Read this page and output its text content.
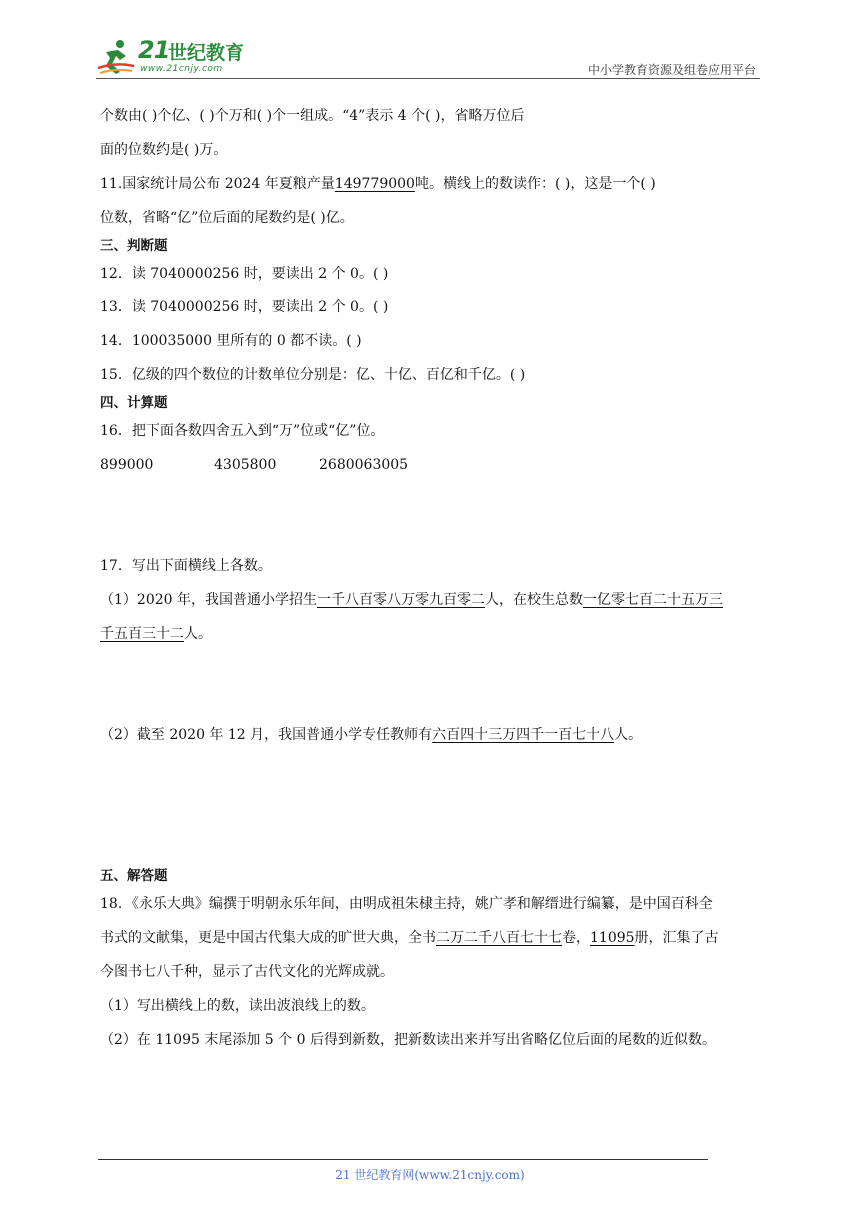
21
世纪教育
www.21cnjy.com	中小学教育资源及组卷应用平台
个数由( )个亿、( )个万和( )个一组成。“4”表示 4 个( )，省略万位后
面的位数约是( )万。
11.国家统计局公布 2024 年夏粮产量149779000吨。横线上的数读作：( )，这是一个( )
位数，省略“亿”位后面的尾数约是( )亿。
三、判断题
12．读 7040000256 时，要读出 2 个 0。( )
13．读 7040000256 时，要读出 2 个 0。( )
14．100035000 里所有的 0 都不读。( )
15．亿级的四个数位的计数单位分别是：亿、十亿、百亿和千亿。( )
四、计算题
16．把下面各数四舍五入到“万”位或“亿”位。
899000	4305800	2680063005
17．写出下面横线上各数。
（1）2020 年，我国普通小学招生一千八百零八万零九百零二人，在校生总数一亿零七百二十五万三
千五百三十二人。
（2）截至 2020 年 12 月，我国普通小学专任教师有六百四十三万四千一百七十八人。
五、解答题
18．《永乐大典》编撰于明朝永乐年间，由明成祖朱棣主持，姚广孝和解缙进行编纂，是中国百科全
书式的文献集，更是中国古代集大成的旷世大典，全书二万二千八百七十七卷，11095册，汇集了古
今图书七八千种，显示了古代文化的光辉成就。
（1）写出横线上的数，读出波浪线上的数。
（2）在 11095 末尾添加 5 个 0 后得到新数，把新数读出来并写出省略亿位后面的尾数的近似数。
21 世纪教育网(www.21cnjy.com)
